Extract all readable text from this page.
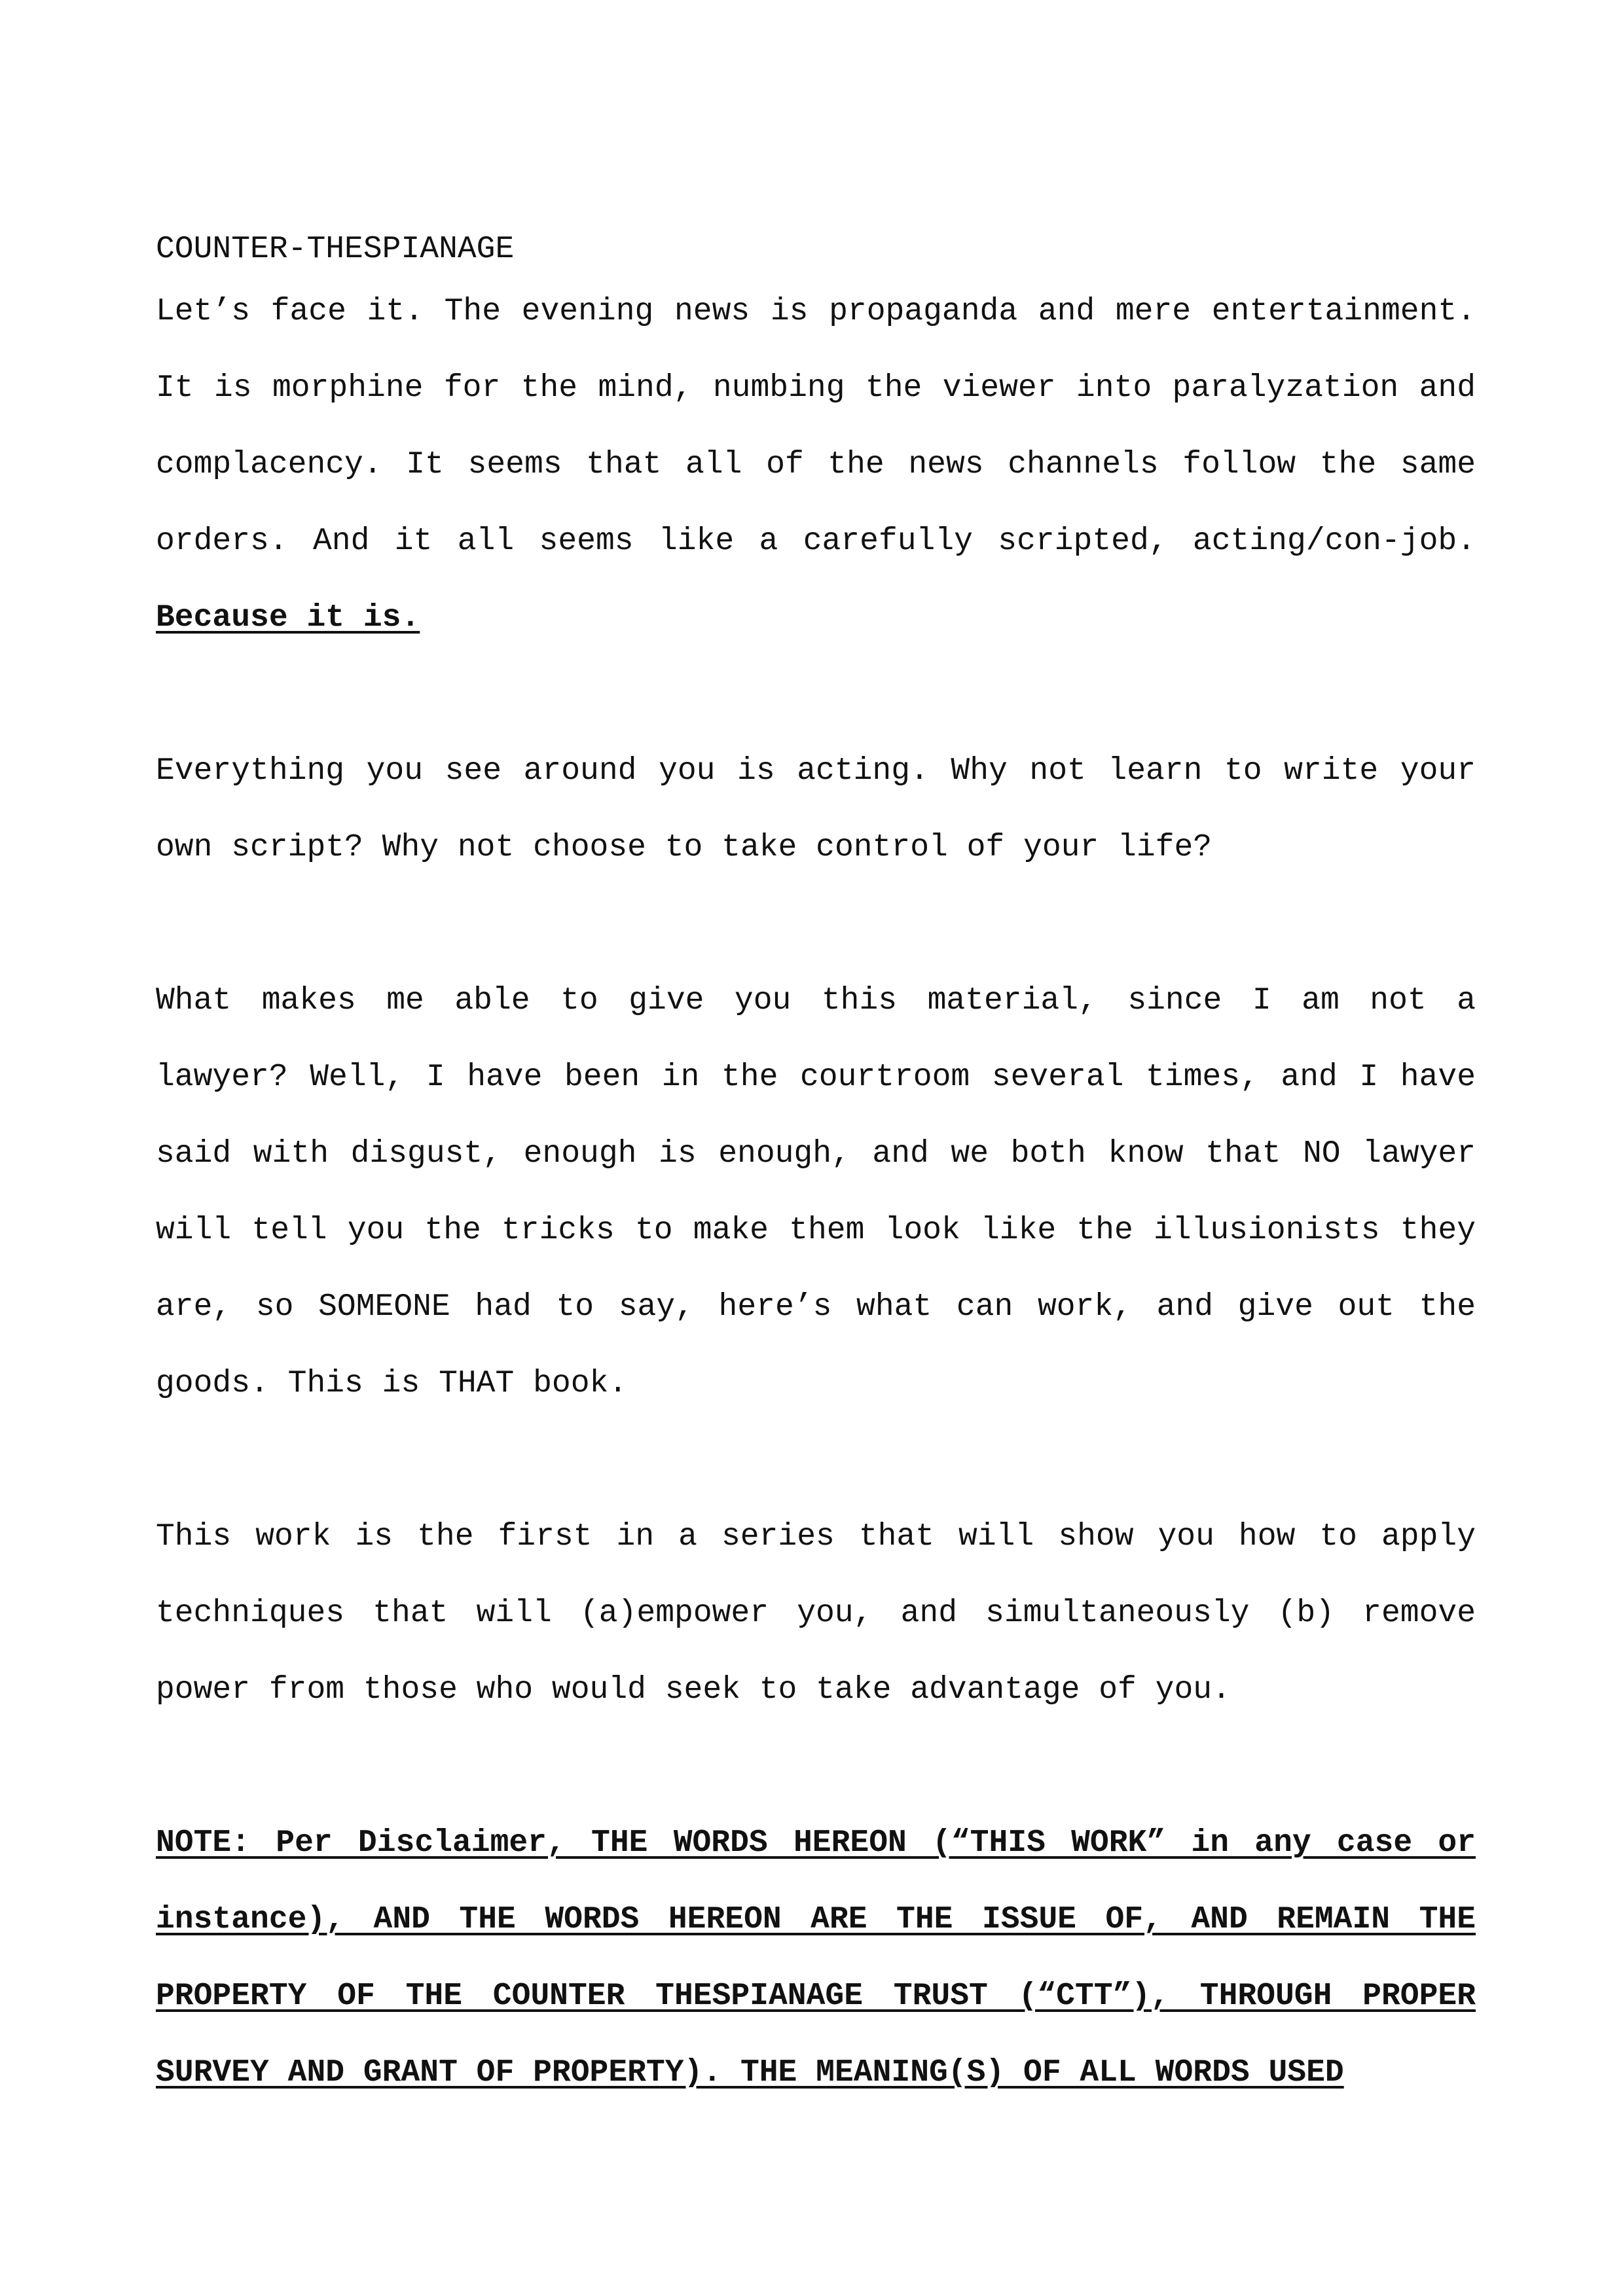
COUNTER-THESPIANAGE

Let’s face it. The evening news is propaganda and mere entertainment. It is morphine for the mind, numbing the viewer into paralyzation and complacency. It seems that all of the news channels follow the same orders. And it all seems like a carefully scripted, acting/con-job. Because it is.

Everything you see around you is acting. Why not learn to write your own script? Why not choose to take control of your life?

What makes me able to give you this material, since I am not a lawyer? Well, I have been in the courtroom several times, and I have said with disgust, enough is enough, and we both know that NO lawyer will tell you the tricks to make them look like the illusionists they are, so SOMEONE had to say, here’s what can work, and give out the goods. This is THAT book.

This work is the first in a series that will show you how to apply techniques that will (a)empower you, and simultaneously (b) remove power from those who would seek to take advantage of you.

NOTE: Per Disclaimer, THE WORDS HEREON (“THIS WORK” in any case or instance), AND THE WORDS HEREON ARE THE ISSUE OF, AND REMAIN THE PROPERTY OF THE COUNTER THESPIANAGE TRUST (“CTT”), THROUGH PROPER SURVEY AND GRANT OF PROPERTY). THE MEANING(S) OF ALL WORDS USED
